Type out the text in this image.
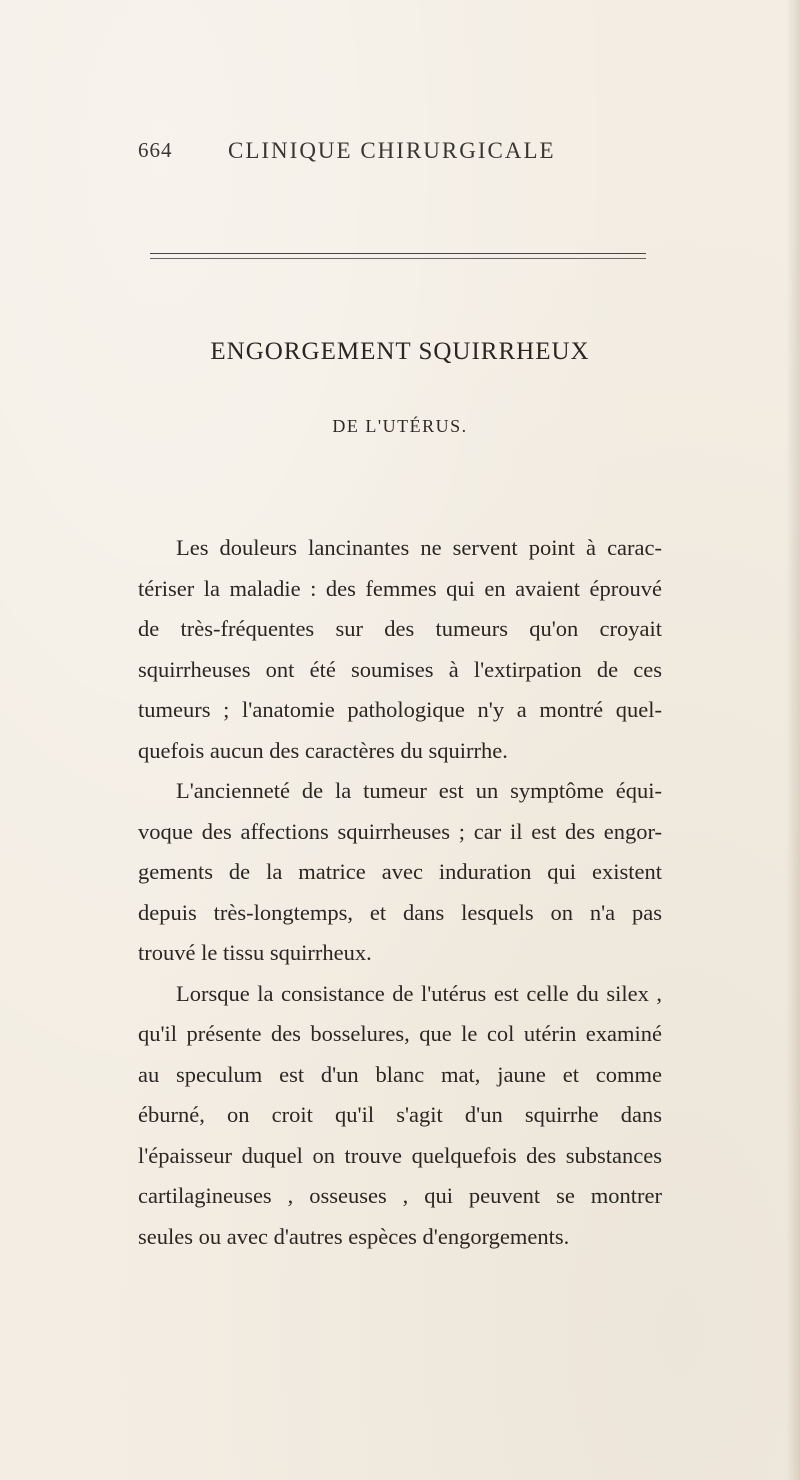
664 CLINIQUE CHIRURGICALE
ENGORGEMENT SQUIRRHEUX
DE L'UTÉRUS.
Les douleurs lancinantes ne servent point à carac-
tériser la maladie : des femmes qui en avaient éprouvé
de très-fréquentes sur des tumeurs qu'on croyait
squirrheuses ont été soumises à l'extirpation de ces
tumeurs ; l'anatomie pathologique n'y a montré quel-
quefois aucun des caractères du squirrhe.
L'ancienneté de la tumeur est un symptôme équi-
voque des affections squirrheuses ; car il est des engor-
gements de la matrice avec induration qui existent
depuis très-longtemps, et dans lesquels on n'a pas
trouvé le tissu squirrheux.
Lorsque la consistance de l'utérus est celle du silex ,
qu'il présente des bosselures, que le col utérin examiné
au speculum est d'un blanc mat, jaune et comme
éburné, on croit qu'il s'agit d'un squirrhe dans
l'épaisseur duquel on trouve quelquefois des substances
cartilagineuses , osseuses , qui peuvent se montrer
seules ou avec d'autres espèces d'engorgements.
